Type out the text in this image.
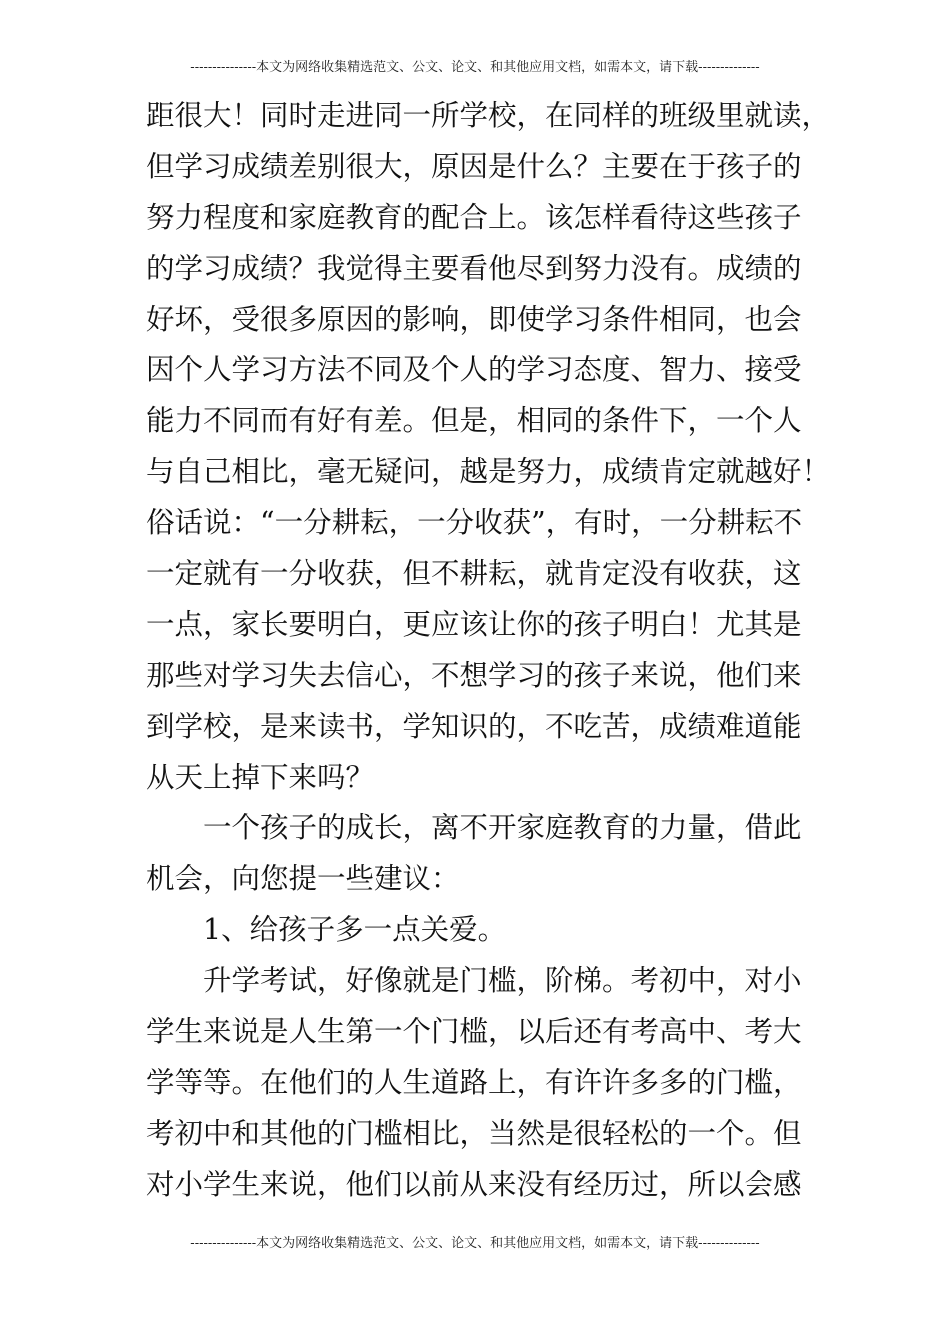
---------------本文为网络收集精选范文、公文、论文、和其他应用文档，如需本文，请下载--------------
距很大！同时走进同一所学校，在同样的班级里就读，
但学习成绩差别很大，原因是什么？主要在于孩子的
努力程度和家庭教育的配合上。该怎样看待这些孩子
的学习成绩？我觉得主要看他尽到努力没有。成绩的
好坏，受很多原因的影响，即使学习条件相同，也会
因个人学习方法不同及个人的学习态度、智力、接受
能力不同而有好有差。但是，相同的条件下，一个人
与自己相比，毫无疑问，越是努力，成绩肯定就越好！
俗话说：“一分耕耘，一分收获”，有时，一分耕耘不
一定就有一分收获，但不耕耘，就肯定没有收获，这
一点，家长要明白，更应该让你的孩子明白！尤其是
那些对学习失去信心，不想学习的孩子来说，他们来
到学校，是来读书，学知识的，不吃苦，成绩难道能
从天上掉下来吗？
　　一个孩子的成长，离不开家庭教育的力量，借此
机会，向您提一些建议：
　　1、给孩子多一点关爱。
　　升学考试，好像就是门槛，阶梯。考初中，对小
学生来说是人生第一个门槛，以后还有考高中、考大
学等等。在他们的人生道路上，有许许多多的门槛，
考初中和其他的门槛相比，当然是很轻松的一个。但
对小学生来说，他们以前从来没有经历过，所以会感
---------------本文为网络收集精选范文、公文、论文、和其他应用文档，如需本文，请下载--------------
